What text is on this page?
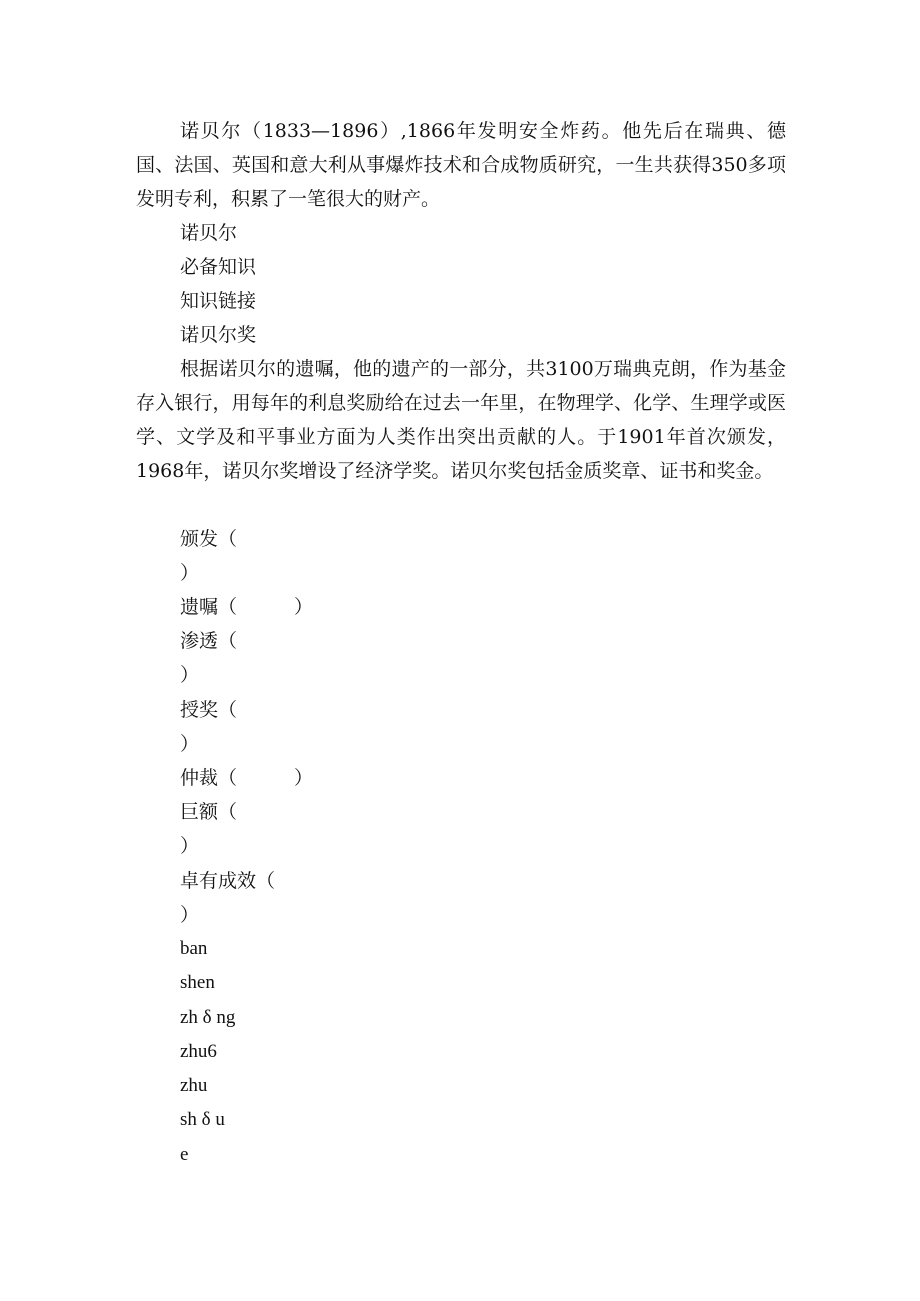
诺贝尔（1833—1896）,1866年发明安全炸药。他先后在瑞典、德国、法国、英国和意大利从事爆炸技术和合成物质研究，一生共获得350多项发明专利，积累了一笔很大的财产。

诺贝尔

必备知识

知识链接

诺贝尔奖

根据诺贝尔的遗嘱，他的遗产的一部分，共3100万瑞典克朗，作为基金存入银行，用每年的利息奖励给在过去一年里，在物理学、化学、生理学或医学、文学及和平事业方面为人类作出突出贡献的人。于1901年首次颁发，1968年，诺贝尔奖增设了经济学奖。诺贝尔奖包括金质奖章、证书和奖金。

颁发（

）

遗嘱（　　　）

渗透（

）

授奖（

）

仲裁（　　　）

巨额（

）

卓有成效（

）

ban

shen

zh δ ng

zhu6

zhu

sh δ u

e
